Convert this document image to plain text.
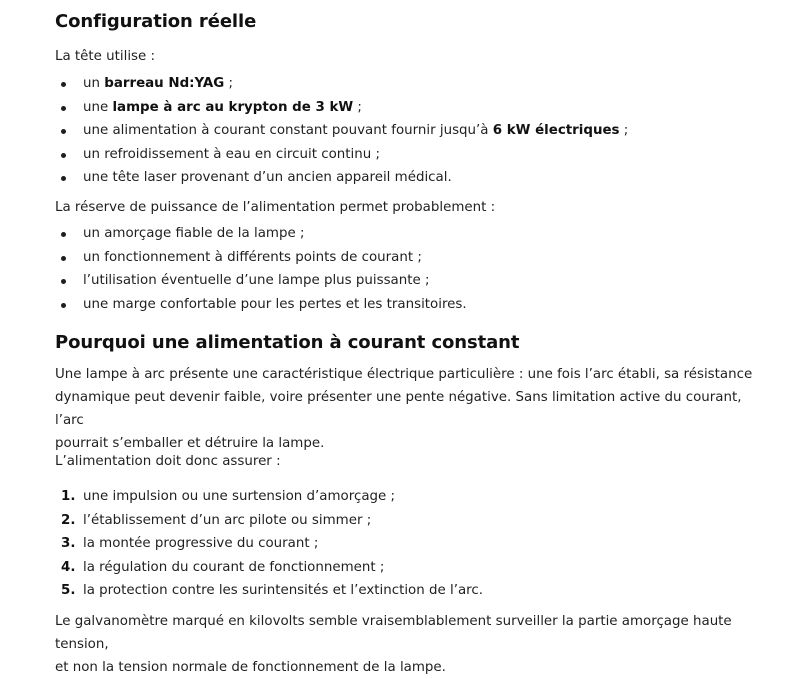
Configuration réelle

La tête utilise :

un barreau Nd:YAG ;
une lampe à arc au krypton de 3 kW ;
une alimentation à courant constant pouvant fournir jusqu’à 6 kW électriques ;
un refroidissement à eau en circuit continu ;
une tête laser provenant d’un ancien appareil médical.

La réserve de puissance de l’alimentation permet probablement :

un amorçage fiable de la lampe ;
un fonctionnement à différents points de courant ;
l’utilisation éventuelle d’une lampe plus puissante ;
une marge confortable pour les pertes et les transitoires.
Pourquoi une alimentation à courant constant

Une lampe à arc présente une caractéristique électrique particulière : une fois l’arc établi, sa résistance

dynamique peut devenir faible, voire présenter une pente négative. Sans limitation active du courant, l’arc

pourrait s’emballer et détruire la lampe.

L’alimentation doit donc assurer :

1. une impulsion ou une surtension d’amorçage ;
2. l’établissement d’un arc pilote ou simmer ;
3. la montée progressive du courant ;
4. la régulation du courant de fonctionnement ;
5. la protection contre les surintensités et l’extinction de l’arc.

Le galvanomètre marqué en kilovolts semble vraisemblablement surveiller la partie amorçage haute tension,

et non la tension normale de fonctionnement de la lampe.
